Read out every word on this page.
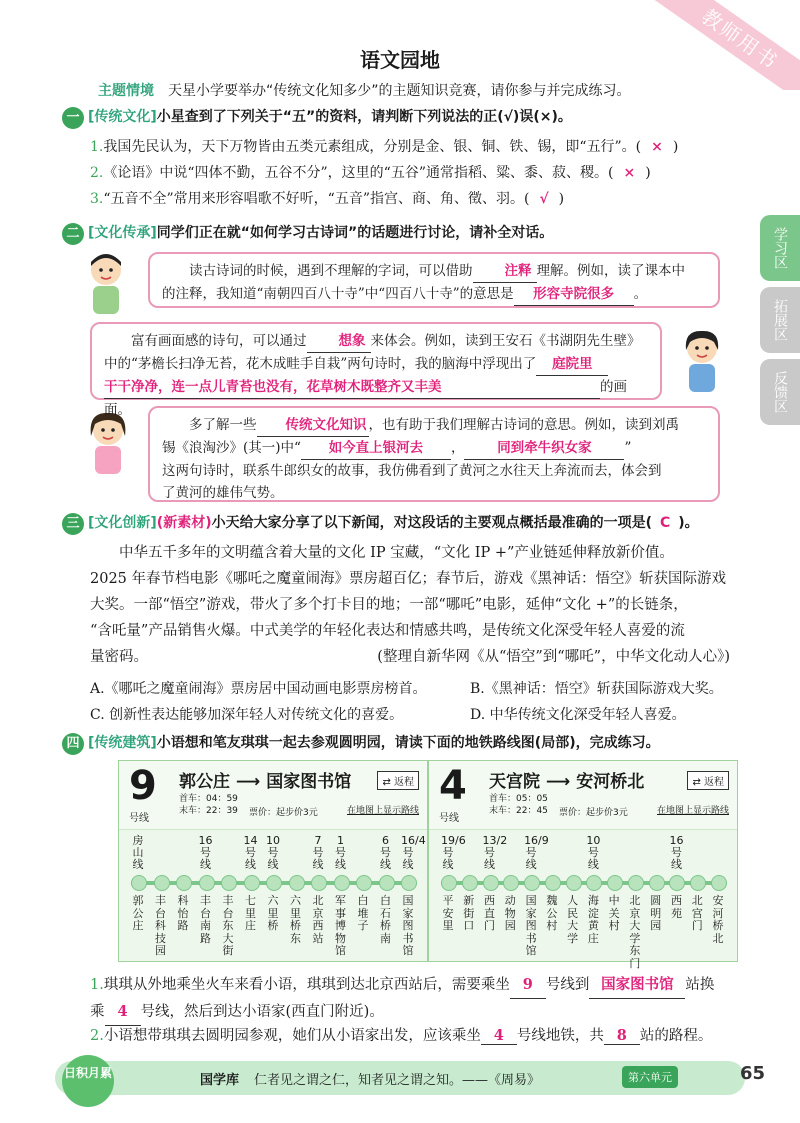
教师用书
学习区
拓展区
反馈区
语文园地
主题情境 天星小学要举办“传统文化知多少”的主题知识竞赛，请你参与并完成练习。
一 [传统文化]小星查到了下列关于“五”的资料，请判断下列说法的正(√)误(×)。
1.我国先民认为，天下万物皆由五类元素组成，分别是金、银、铜、铁、锡，即“五行”。( × )
2.《论语》中说“四体不勤，五谷不分”，这里的“五谷”通常指稻、粱、黍、菽、稷。( × )
3.“五音不全”常用来形容唱歌不好听，“五音”指宫、商、角、徵、羽。( √ )
二 [文化传承]同学们正在就“如何学习古诗词”的话题进行讨论，请补全对话。
读古诗词的时候，遇到不理解的字词，可以借助 注释 理解。例如，读了课本中
的注释，我知道“南朝四百八十寺”中“四百八十寺”的意思是 形容寺院很多 。
富有画面感的诗句，可以通过 想象 来体会。例如，读到王安石《书湖阴先生壁》
中的“茅檐长扫净无苔，花木成畦手自栽”两句诗时，我的脑海中浮现出了 庭院里
干干净净，连一点儿青苔也没有，花草树木既整齐又丰美	的画面。
多了解一些 传统文化知识 ，也有助于我们理解古诗词的意思。例如，读到刘禹
锡《浪淘沙》(其一)中“ 如今直上银河去 ， 同到牵牛织女家 ”
这两句诗时，联系牛郎织女的故事，我仿佛看到了黄河之水往天上奔流而去，体会到
了黄河的雄伟气势。
三 [文化创新](新素材)小天给大家分享了以下新闻，对这段话的主要观点概括最准确的一项是( C )。
中华五千多年的文明蕴含着大量的文化 IP 宝藏，“文化 IP +”产业链延伸释放新价值。
2025 年春节档电影《哪吒之魔童闹海》票房超百亿；春节后，游戏《黑神话：悟空》斩获国际游戏
大奖。一部“悟空”游戏，带火了多个打卡目的地；一部“哪吒”电影，延伸“文化 +”的长链条，
“含吒量”产品销售火爆。中式美学的年轻化表达和情感共鸣，是传统文化深受年轻人喜爱的流
量密码。	(整理自新华网《从“悟空”到“哪吒”，中华文化动人心》)
A.《哪吒之魔童闹海》票房居中国动画电影票房榜首。	B.《黑神话：悟空》斩获国际游戏大奖。
C. 创新性表达能够加深年轻人对传统文化的喜爱。	D. 中华传统文化深受年轻人喜爱。
四 [传统建筑]小语想和笔友琪琪一起去参观圆明园，请读下面的地铁路线图(局部)，完成练习。
9
号线
郭公庄 ⟶ 国家图书馆
首车：04：59
末车：22：39 票价：起步价3元
⇄ 返程
在地图上显示路线
房山线
郭公庄
丰台科技园
科怡路
16号线
丰台南路
丰台东大街
14号线
七里庄
10号线
六里桥
六里桥东
7号线
北京西站
1号线
军事博物馆
白堆子
6号线
白石桥南
16/4号线
国家图书馆
4
号线
天宫院 ⟶ 安河桥北
首车：05：05
末车：22：45 票价：起步价3元
⇄ 返程
在地图上显示路线
19/6号线
平安里
新街口
13/2号线
西直门
动物园
16/9号线
国家图书馆
魏公村
人民大学
10号线
海淀黄庄
中关村
北京大学东门
圆明园
16号线
西苑
北宫门
安河桥北
1.琪琪从外地乘坐火车来看小语，琪琪到达北京西站后，需要乘坐 9 号线到 国家图书馆 站换
乘 4 号线，然后到达小语家(西直门附近)。
2.小语想带琪琪去圆明园参观，她们从小语家出发，应该乘坐 4 号线地铁，共 8 站的路程。
日积月累	国学库 仁者见之谓之仁，知者见之谓之知。——《周易》	第六单元	65
